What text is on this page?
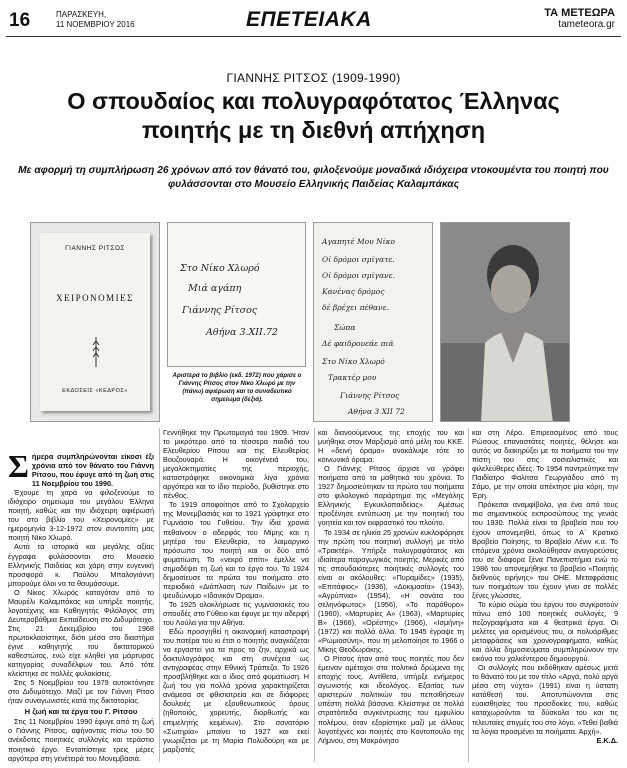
16	ΠΑΡΑΣΚΕΥΗ,
11 ΝΟΕΜΒΡΙΟΥ 2016	ΕΠΕΤΕΙΑΚΑ	ΤΑ ΜΕΤΕΩΡΑ
tameteora.gr
ΓΙΑΝΝΗΣ ΡΙΤΣΟΣ (1909-1990)
Ο σπουδαίος και πολυγραφότατος Έλληνας
ποιητής με τη διεθνή απήχηση
Με αφορμή τη συμπλήρωση 26 χρόνων από τον θάνατό του, φιλοξενούμε μοναδικά ιδιόχειρα ντοκουμέντα του ποιητή που φυλάσσονται στο Μουσείο Ελληνικής Παιδείας Καλαμπάκας
ΓΙΑΝΝΗΣ ΡΙΤΣΟΣ
ΧΕΙΡΟΝΟΜΙΕΣ
ΕΚΔΟΣΕΙΣ «ΚΕΔΡΟΣ»
Στο Νίκο Χλωρό
Μιά αγάπη
Γιάννης Ρίτσος
Αθήνα 3.XII.72
Αριστερά το βιβλίο (εκδ. 1972) που χάρισε ο Γιάννης Ρίτσος στον Νίκο Χλωρό με την (πάνω) αφιέρωση και το συναδευτικό σημείωμα (δεξιά).
Αγαπητέ Μου Νίκο
Οί δρόμοι σμίγατε.
Οί δρόμοι σμίγανε.
Κανένας δρόμος
δέ βρέχει πέθανε.
Σώπα
Δέ φαιδρουεάε πιά
Στο Νίκο Χλωρό
Τρακτέρ μου
Γιάννης Ρίτσος
Αθήνα 3 ΧΙΙ 72

Σήμερα συμπληρώνονται είκοσι έξι χρόνια από τον θάνατο του Γιάννη Ρίτσου, που έφυγε από τη ζωή στις 11 Νοεμβρίου του 1990.

Έχουμε τη χαρά να φιλοξενούμε το ιδιόχειρο σημείωμα του μεγάλου Έλληνα ποιητή, καθώς και την ιδιόχειρη αφιέρωσή του στο βιβλίο του «Χειρονομίες» με ημερομηνία 3-12-1972 στον συντοπίτη μας ποιητή Νίκο Χλωρό.

Αυτά τα ιστορικά και μεγάλης αξίας έγγραφα φυλάσσονται στο Μουσείο Ελληνικής Παιδείας και χάρη στην ευγενική προσφορά κ. Παύλου Μπαλογιάννη μπορούμε όλοι να τα θαυμάσουμε.

Ο Νίκος Χλωρός καταγόταν από το Μαυρέλι Καλαμπάκας και υπήρξε ποιητής, λογοτέχνης και Καθηγητής Φιλόλογος στη Δευτεροβάθμια Εκπαίδευση στο Διδυμότειχο. Στις 21 Δεκεμβρίου του 1968 πρωτοκλασίστηκε, διότι μέσα στο διαστήμα έγινε καθηγητής του δικτατορικού καθεστώτος, ενώ είχε κληθεί για μάρτυρας κατηγορίας συναδέλφων του. Από τότε κλείστηκε σε πολλές φυλακίσεις.

Στις 5 Νοεμβρίου του 1979 αυτοκτόνησε στο Διδυμότειχο. Μαζί με τον Γιάννη Ρίτσο ήταν συναγωνιστές κατά της δικτατορίας.

Η ζωή και τα έργα του Γ. Ρίτσου

Στις 11 Νοεμβρίου 1990 έφυγε από τη ζωή ο Γιάννης Ρίτσος, αφήνοντας πίσω του 50 ανέκδοτες ποιητικές συλλογές και τεράστιο ποιητικό έργο. Εντοπίστηκε τρεις μέρες αργότερα στη γενέτειρά του Μονεμβασιά.

Γεννήθηκε την Πρωτομαγιά του 1909. Ήταν το μικρότερο από τα τέσσερα παιδιά του Ελευθερίου Ρίτσου και της Ελευθερίας Βουζουναρά. Η οικογένειά του, μεγαλοκτηματίες της περιοχής, καταστράφηκε οικονομικά λίγα χρόνια αργότερα και το ίδιο περίοδο, βυθίστηκε στο πένθος.

Το 1919 αποφοίτησε από το Σχολαρχείο της Μονεμβασιάς και το 1921 γράφτηκε στο Γυμνάσιο του Γυθείου. Την ίδια χρονιά πεθαίνουν ο αδερφός του Μίμης και η μητέρα του Ελευθερία, το λαιμαργικό πρόσωπο του ποιητή και οι δύο από φυματίωση. Το «νεκρό σπίτι» έμελλε να σημαδέψει τη ζωή και το έργο του. Το 1924 δημοσίευσε τα πρώτα του ποιήματα στο περιοδικό «Διάπλαση των Παίδων» με το ψευδώνυμο «Ιδανικόν Όραμα».

Το 1925 ολοκλήρωσε τις γυμνασιακές του σπουδές στο Γύθειο και έφυγε με την αδερφή του Λούλα για την Αθήνα.

Εδώ προσγηθεί η οικονομική καταστροφή του πατέρα του κι έτσι ο ποιητής αναγκάζεται να εργαστεί για τα προς το ζην, αρχικά ως δακτυλογράφος και στη συνέχεια ως αντιγραφέας στην Εθνική Τράπεζα. Το 1926 προσβλήθηκε και ο ίδιος από φυματίωση. Η ζωή του για πολλά χρόνια χαρακτηρίζεται ανάμεσα σε φθισιατρεία και σε διάφορες δουλειές με εξουθενωτικούς όρους (ηθοποιός, χορευτής, διορθωτής και επιμελητής κειμένων). Στο σανατόριο «Σωτηρία» μπαίνει το 1927 και εκεί γνωρίζεται με τη Μαρία Πολυδούρη και με μαρξιστές

και διανοούμενους της εποχής του και μυήθηκε στον Μαρξισμό από μέλη του ΚΚΕ. Η «δεινή όραμα» ανακάλυψε τότε το κοινωνικό όραμα.

Ο Γιάννης Ρίτσος άρχισε να γράφει ποιήματα από τα μαθητικά του χρόνια. Το 1927 δημοσιεύτηκαν τα πρώτα του ποιήματα στο φιλολογικό παράρτημα της «Μεγάλης Ελληνικής Εγκυκλοπαιδείας». Αμέσως προξένησε εντύπωση με την ποιητική του γοητεία και τον εκφραστικό του πλούτο.

Το 1934 σε ηλικία 25 χρονών κυκλοφόρησε την πρώτη του ποιητική συλλογή με τίτλο «Τρακτέρ». Υπήρξε πολυγραφότατος και ιδιαίτερα παραγωγικός ποιητής. Μερικές από τις σπουδαιότερες ποιητικές συλλογές του είναι οι ακόλουθες: «Πυραμίδες» (1935), «Επιτάφιος» (1936), «Δοκιμασία» (1943), «Αγρύπνια» (1954), «Η σονάτα του σεληνόφωτος» (1956), «Το παράθυρο» (1960), «Μαρτυρίες Α» (1963), «Μαρτυρίες Β» (1966), «Ορέστης» (1966), «Ισμήνη» (1972) και πολλά άλλα. Το 1945 έγραψε τη «Ρωμιοσύνη», που τη μελοποίησε το 1966 ο Μίκης Θεοδωράκης.

Ο Ρίτσος ήταν από τους ποιητές που δεν έμειναν αμέτοχοι στα πολιτικά δρώμενα της εποχής τους. Αντίθετα, υπήρξε ενήμερος αγωνιστής και ιδεολόγος. Εξαιτίας των αριστερών πολιτικών του πεποιθήσεων υπέστη πολλά βάσανα. Κλείστηκε σε πολλά στρατόπεδα συγκέντρωσης του εμφυλίου πολέμου, όταν εξορίστηκε μαζί με άλλους λογοτέχνες και ποιητές στο Κοντοπουλο της Λήμνου, στη Μακρόνησο

και στη Λέρο. Επιρεασμένος από τους Ρώσους επαναστάτες ποιητές, θέλησε και αυτός να διακηρύξει με τα ποιήματα του την πίστη του στις σοσιαλιστικές και φιλελεύθερες ιδέες. Το 1954 παντρεύτηκε την Παιδίατρο Φαλίτσα Γεωργιάδου από τη Σάμο, με την οποία απέκτησε μία κόρη, την Έρη.

Πρόκειται αναμφίβολα, για ένα από τους πιο σημαντικούς εκπροσώπους της γενιάς του 1930. Πολλά είναι τα βραβεία που του έχουν απονεμηθεί, όπως το Α΄ Κρατικό Βραβείο Ποίησης, το Βραβείο Λένιν κ.α. Το επόμενα χρόνια ακολούθησαν αναγορεύσεις του σε διάφορα ξένα Πανεπιστήμια ενώ το 1986 του απονεμήθηκε το βραβείο «Ποιητής διεθνούς ειρήνης» του ΟΗΕ. Μεταφράσεις των ποιημάτων του έχουν γίνει σε πολλές ξένες γλώσσες.

Το κύριο σώμα του έργου του συγκροτούν πάνω από 100 ποιητικές συλλογές, 9 πεζογραφήματα και 4 θεατρικά έργα. Οι μελέτες για ορισμένους του, οι πολυάριθμες μεταφράσεις και χρονογραφήματα, καθώς και άλλα δημοσιεύματα συμπληρώνουν την εικόνα του χαλκέντερου δημιουργού.

Οι συλλογές που εκδόθηκαν αμέσως μετά το θάνατό του με τον τίτλο «Αργά, πολύ αργά μέσα στη νύχτα» (1991) είναι η ύστατη κατάθεσή του. Αποτυπώνονται στις ευαισθησίες του προσδοκίες του, καθώς καταχωρούνται τα δύσκολα του και τις τελευταίες στιγμές του στο λόγο. «Τεθεί βαθιά τα λόγια προσμένει τα ποιήματα. Αρχή».

Ε.Κ.Δ.
